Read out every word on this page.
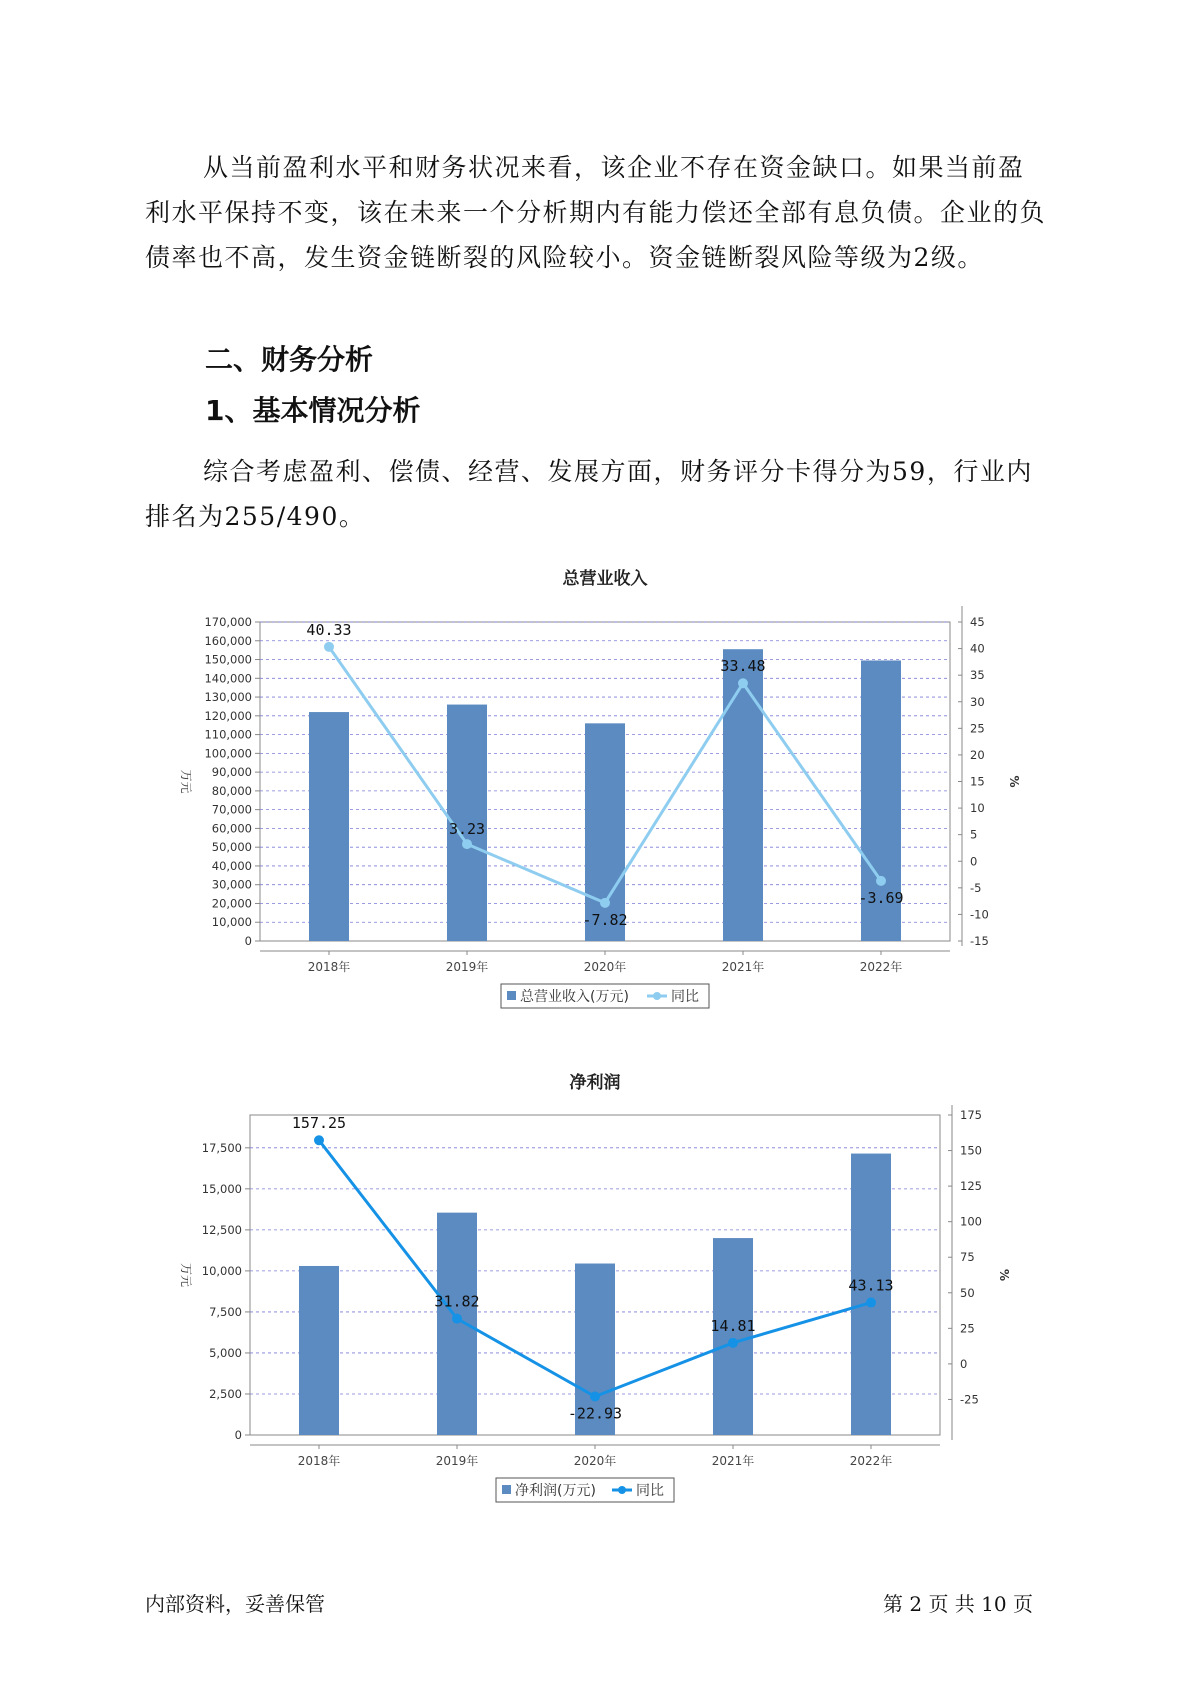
从当前盈利水平和财务状况来看，该企业不存在资金缺口。如果当前盈利水平保持不变，该在未来一个分析期内有能力偿还全部有息负债。企业的负债率也不高，发生资金链断裂的风险较小。资金链断裂风险等级为2级。

二、财务分析
1、基本情况分析

综合考虑盈利、偿债、经营、发展方面，财务评分卡得分为59，行业内排名为255/490。

总营业收入
0
10,000
20,000
30,000
40,000
50,000
60,000
70,000
80,000
90,000
100,000
110,000
120,000
130,000
140,000
150,000
160,000
170,000
万元
-15
-10
-5
0
5
10
15
20
25
30
35
40
45
%
2018年	2019年	2020年	2021年	2022年
40.33
3.23
-7.82
33.48
-3.69
总营业收入(万元)	同比
净利润
0
2,500
5,000
7,500
10,000
12,500
15,000
17,500
万元
-25
0
25
50
75
100
125
150
175
%
2018年	2019年	2020年	2021年	2022年
157.25
31.82
-22.93
14.81
43.13
净利润(万元)	同比
内部资料，妥善保管	第 2 页 共 10 页
